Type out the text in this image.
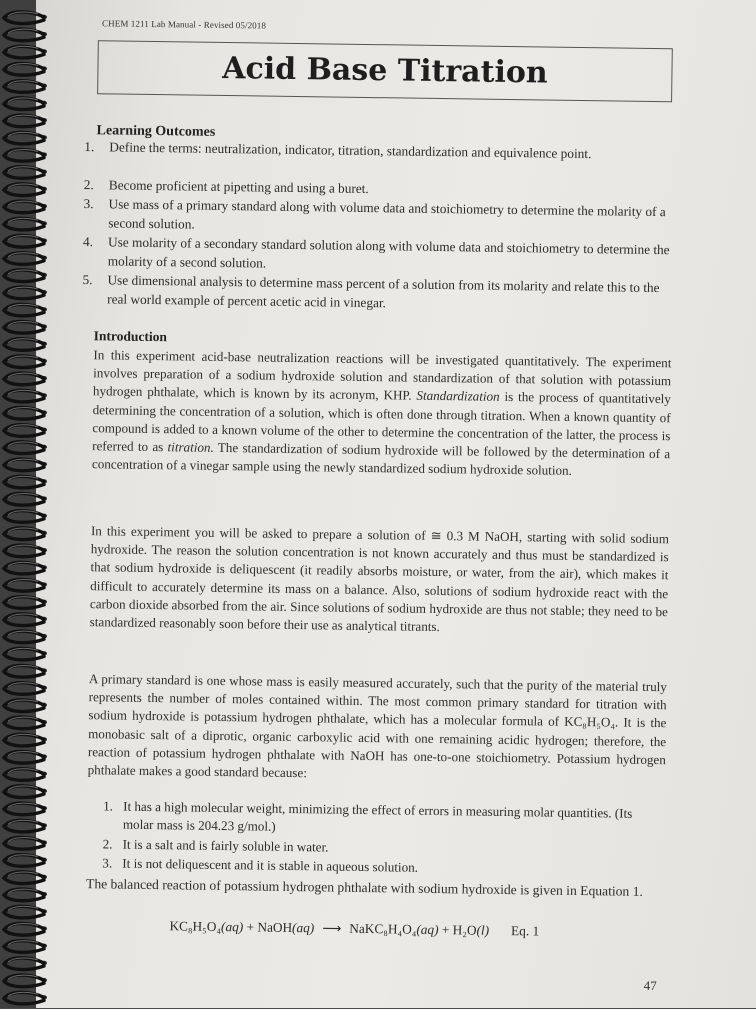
CHEM 1211 Lab Manual - Revised 05/2018
Acid Base Titration
Learning Outcomes
1. Define the terms: neutralization, indicator, titration, standardization and equivalence point.
2. Become proficient at pipetting and using a buret.
3. Use mass of a primary standard along with volume data and stoichiometry to determine the molarity of a second solution.
4. Use molarity of a secondary standard solution along with volume data and stoichiometry to determine the molarity of a second solution.
5. Use dimensional analysis to determine mass percent of a solution from its molarity and relate this to the real world example of percent acetic acid in vinegar.
Introduction
In this experiment acid-base neutralization reactions will be investigated quantitatively. The experiment involves preparation of a sodium hydroxide solution and standardization of that solution with potassium hydrogen phthalate, which is known by its acronym, KHP. Standardization is the process of quantitatively determining the concentration of a solution, which is often done through titration. When a known quantity of compound is added to a known volume of the other to determine the concentration of the latter, the process is referred to as titration. The standardization of sodium hydroxide will be followed by the determination of a concentration of a vinegar sample using the newly standardized sodium hydroxide solution.
In this experiment you will be asked to prepare a solution of ≅ 0.3 M NaOH, starting with solid sodium hydroxide. The reason the solution concentration is not known accurately and thus must be standardized is that sodium hydroxide is deliquescent (it readily absorbs moisture, or water, from the air), which makes it difficult to accurately determine its mass on a balance. Also, solutions of sodium hydroxide react with the carbon dioxide absorbed from the air. Since solutions of sodium hydroxide are thus not stable; they need to be standardized reasonably soon before their use as analytical titrants.
A primary standard is one whose mass is easily measured accurately, such that the purity of the material truly represents the number of moles contained within. The most common primary standard for titration with sodium hydroxide is potassium hydrogen phthalate, which has a molecular formula of KC₈H₅O₄. It is the monobasic salt of a diprotic, organic carboxylic acid with one remaining acidic hydrogen; therefore, the reaction of potassium hydrogen phthalate with NaOH has one-to-one stoichiometry. Potassium hydrogen phthalate makes a good standard because:
1. It has a high molecular weight, minimizing the effect of errors in measuring molar quantities. (Its molar mass is 204.23 g/mol.)
2. It is a salt and is fairly soluble in water.
3. It is not deliquescent and it is stable in aqueous solution.
The balanced reaction of potassium hydrogen phthalate with sodium hydroxide is given in Equation 1.
KC₈H₅O₄(aq) + NaOH(aq) ⟶ NaKC₈H₄O₄(aq) + H₂O(l) Eq. 1
47
